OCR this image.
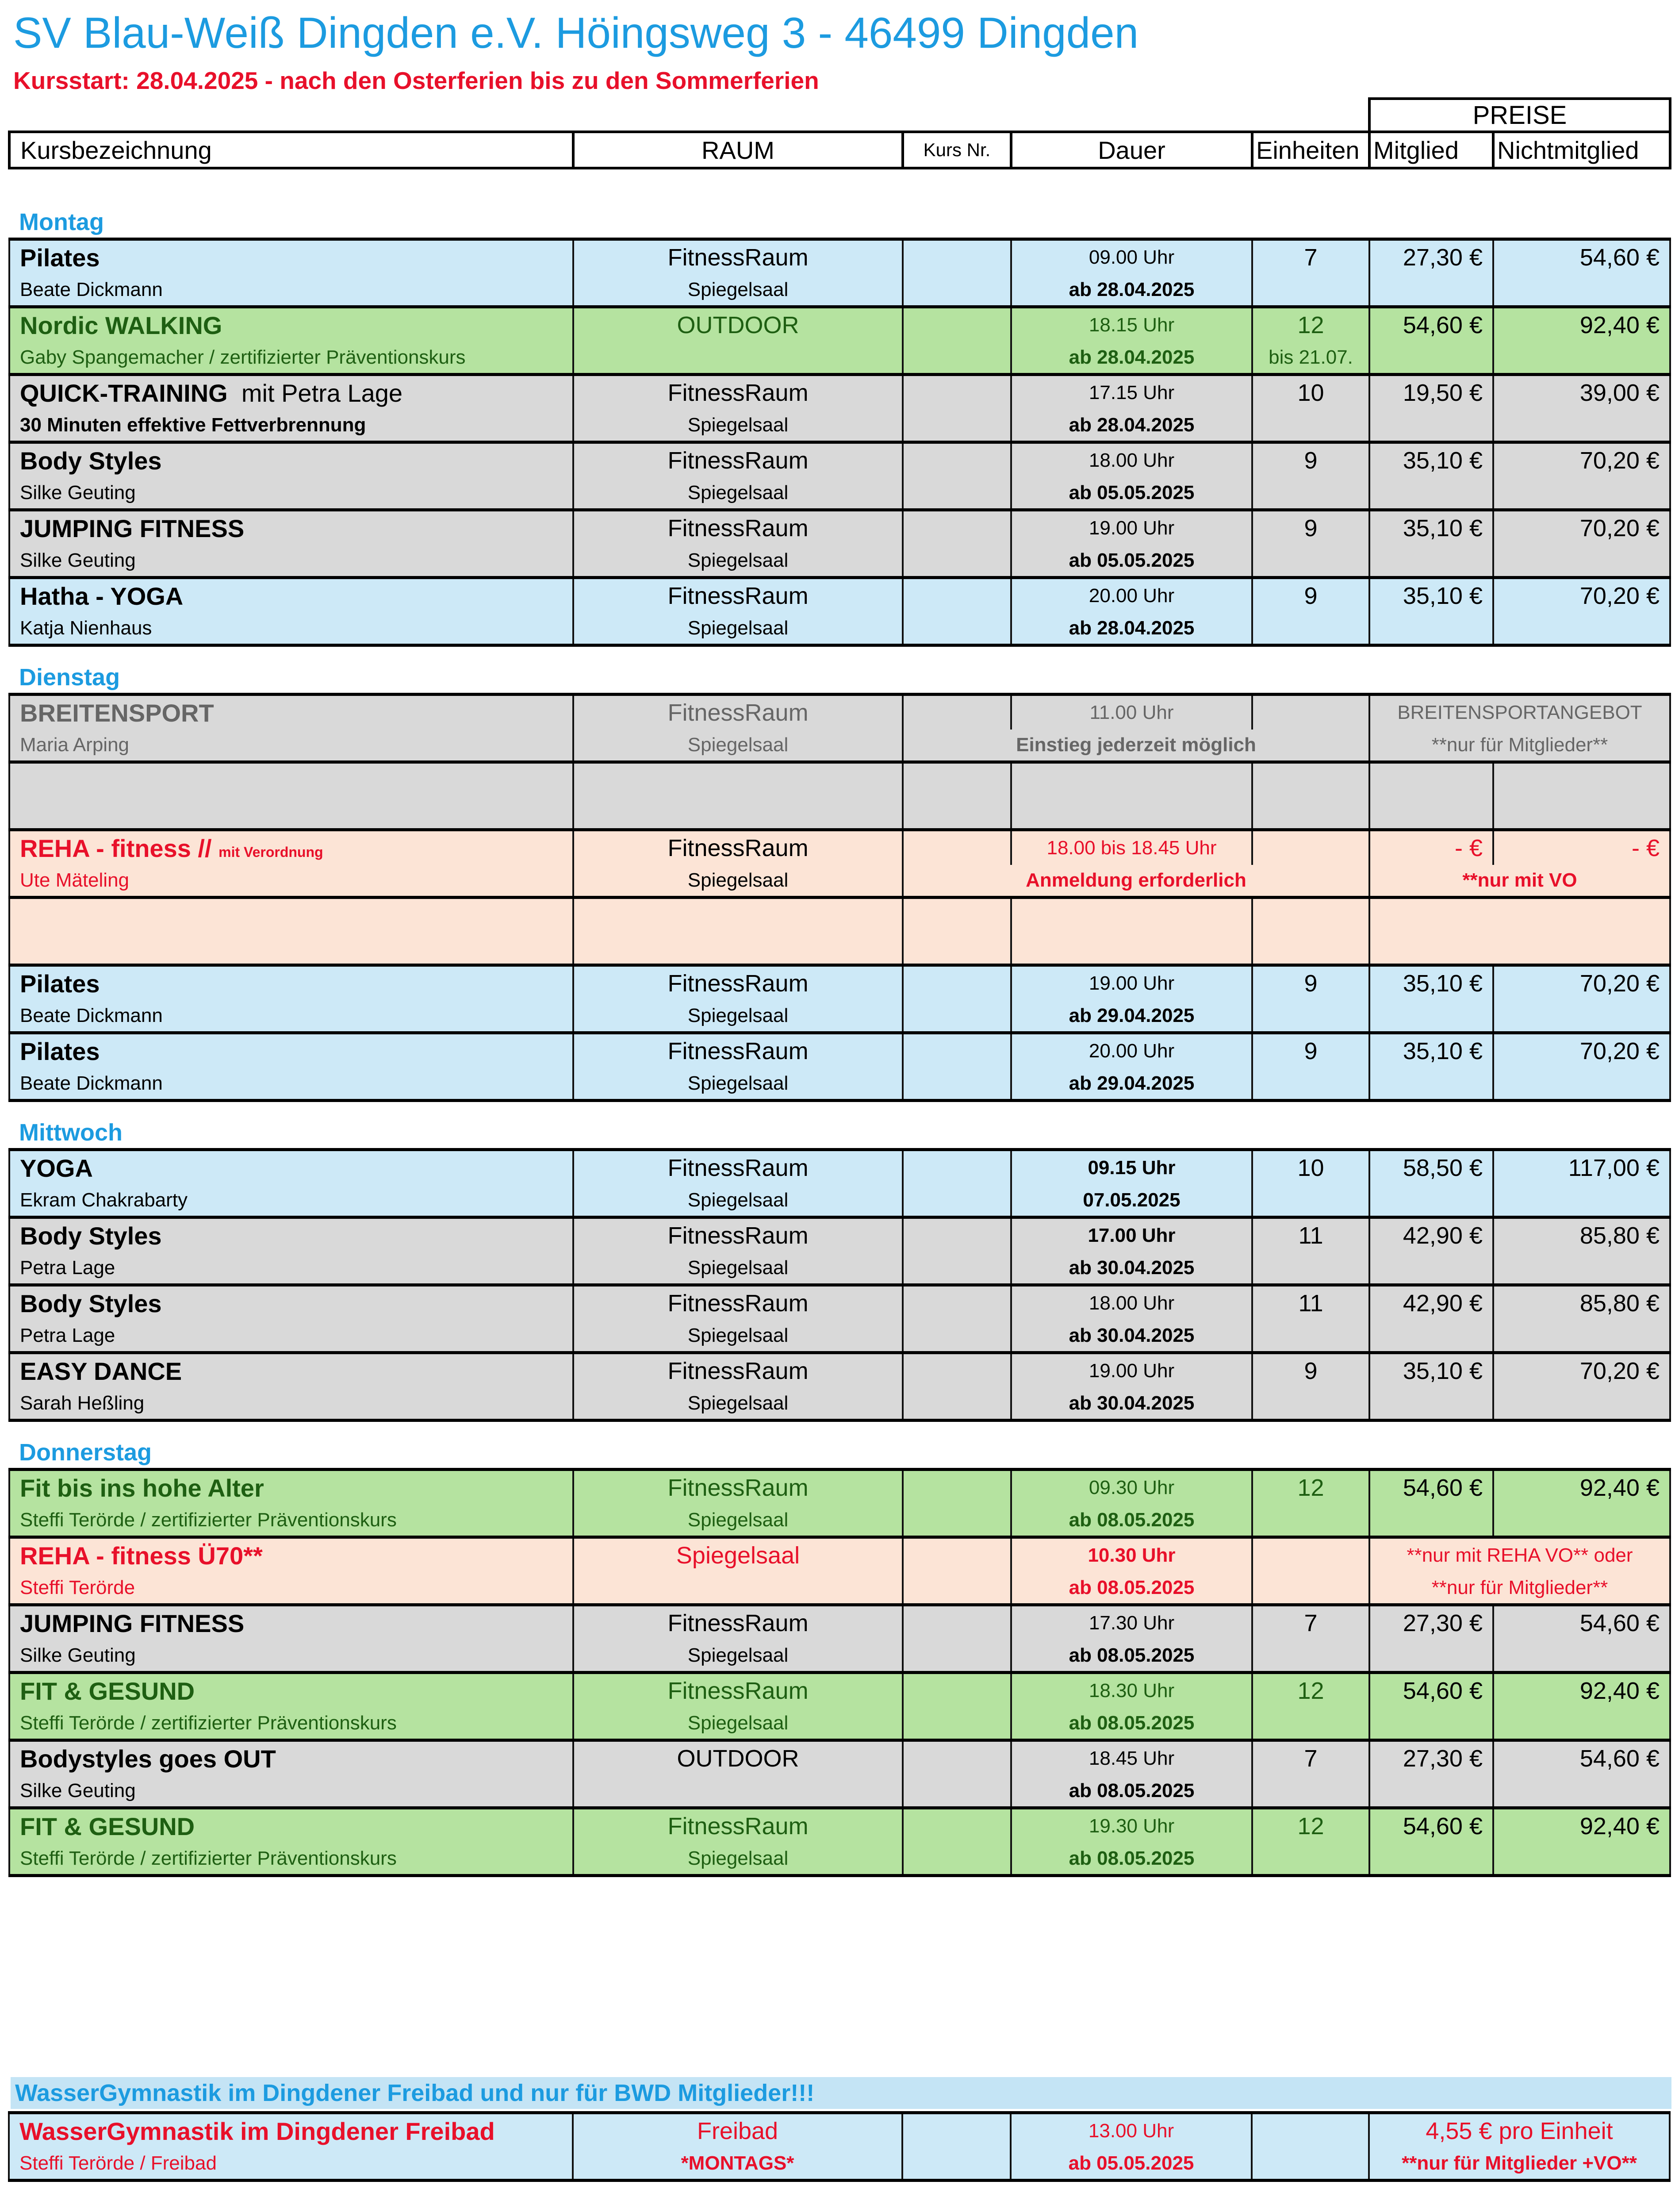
SV Blau-Weiß Dingden e.V. Höingsweg 3 - 46499 Dingden
Kursstart: 28.04.2025 - nach den Osterferien bis zu den Sommerferien
					PREISE	
Kursbezeichnung	RAUM	Kurs Nr.	Dauer	Einheiten	Mitglied	Nichtmitglied

Montag						
Pilates	FitnessRaum		09.00 Uhr	7	27,30 €	54,60 €
Beate Dickmann	Spiegelsaal		ab 28.04.2025			
Nordic WALKING	OUTDOOR		18.15 Uhr	12	54,60 €	92,40 €
Gaby Spangemacher / zertifizierter Präventionskurs			ab 28.04.2025	bis 21.07.		
QUICK-TRAINING mit Petra Lage	FitnessRaum		17.15 Uhr	10	19,50 €	39,00 €
30 Minuten effektive Fettverbrennung	Spiegelsaal		ab 28.04.2025			
Body Styles	FitnessRaum		18.00 Uhr	9	35,10 €	70,20 €
Silke Geuting	Spiegelsaal		ab 05.05.2025			
JUMPING FITNESS	FitnessRaum		19.00 Uhr	9	35,10 €	70,20 €
Silke Geuting	Spiegelsaal		ab 05.05.2025			
Hatha - YOGA	FitnessRaum		20.00 Uhr	9	35,10 €	70,20 €
Katja Nienhaus	Spiegelsaal		ab 28.04.2025			

Dienstag						
BREITENSPORT	FitnessRaum		11.00 Uhr		BREITENSPORTANGEBOT	
Maria Arping	Spiegelsaal	Einstieg jederzeit möglich			**nur für Mitglieder**	

REHA - fitness // mit Verordnung	FitnessRaum		18.00 bis 18.45 Uhr		- €	- €
Ute Mäteling	Spiegelsaal	Anmeldung erforderlich			**nur mit VO	

Pilates	FitnessRaum		19.00 Uhr	9	35,10 €	70,20 €
Beate Dickmann	Spiegelsaal		ab 29.04.2025			
Pilates	FitnessRaum		20.00 Uhr	9	35,10 €	70,20 €
Beate Dickmann	Spiegelsaal		ab 29.04.2025			

Mittwoch						
YOGA	FitnessRaum		09.15 Uhr	10	58,50 €	117,00 €
Ekram Chakrabarty	Spiegelsaal		07.05.2025			
Body Styles	FitnessRaum		17.00 Uhr	11	42,90 €	85,80 €
Petra Lage	Spiegelsaal		ab 30.04.2025			
Body Styles	FitnessRaum		18.00 Uhr	11	42,90 €	85,80 €
Petra Lage	Spiegelsaal		ab 30.04.2025			
EASY DANCE	FitnessRaum		19.00 Uhr	9	35,10 €	70,20 €
Sarah Heßling	Spiegelsaal		ab 30.04.2025			

Donnerstag						
Fit bis ins hohe Alter	FitnessRaum		09.30 Uhr	12	54,60 €	92,40 €
Steffi Terörde / zertifizierter Präventionskurs	Spiegelsaal		ab 08.05.2025			
REHA - fitness Ü70**	Spiegelsaal		10.30 Uhr		**nur mit REHA VO** oder	
Steffi Terörde			ab 08.05.2025		**nur für Mitglieder**	
JUMPING FITNESS	FitnessRaum		17.30 Uhr	7	27,30 €	54,60 €
Silke Geuting	Spiegelsaal		ab 08.05.2025			
FIT & GESUND	FitnessRaum		18.30 Uhr	12	54,60 €	92,40 €
Steffi Terörde / zertifizierter Präventionskurs	Spiegelsaal		ab 08.05.2025			
Bodystyles goes OUT	OUTDOOR		18.45 Uhr	7	27,30 €	54,60 €
Silke Geuting			ab 08.05.2025			
FIT & GESUND	FitnessRaum		19.30 Uhr	12	54,60 €	92,40 €
Steffi Terörde / zertifizierter Präventionskurs	Spiegelsaal		ab 08.05.2025			
WasserGymnastik im Dingdener Freibad und nur für BWD Mitglieder!!!
WasserGymnastik im Dingdener Freibad	Freibad		13.00 Uhr		4,55 € pro Einheit
Steffi Terörde / Freibad	*MONTAGS*		ab 05.05.2025		**nur für Mitglieder +VO**
